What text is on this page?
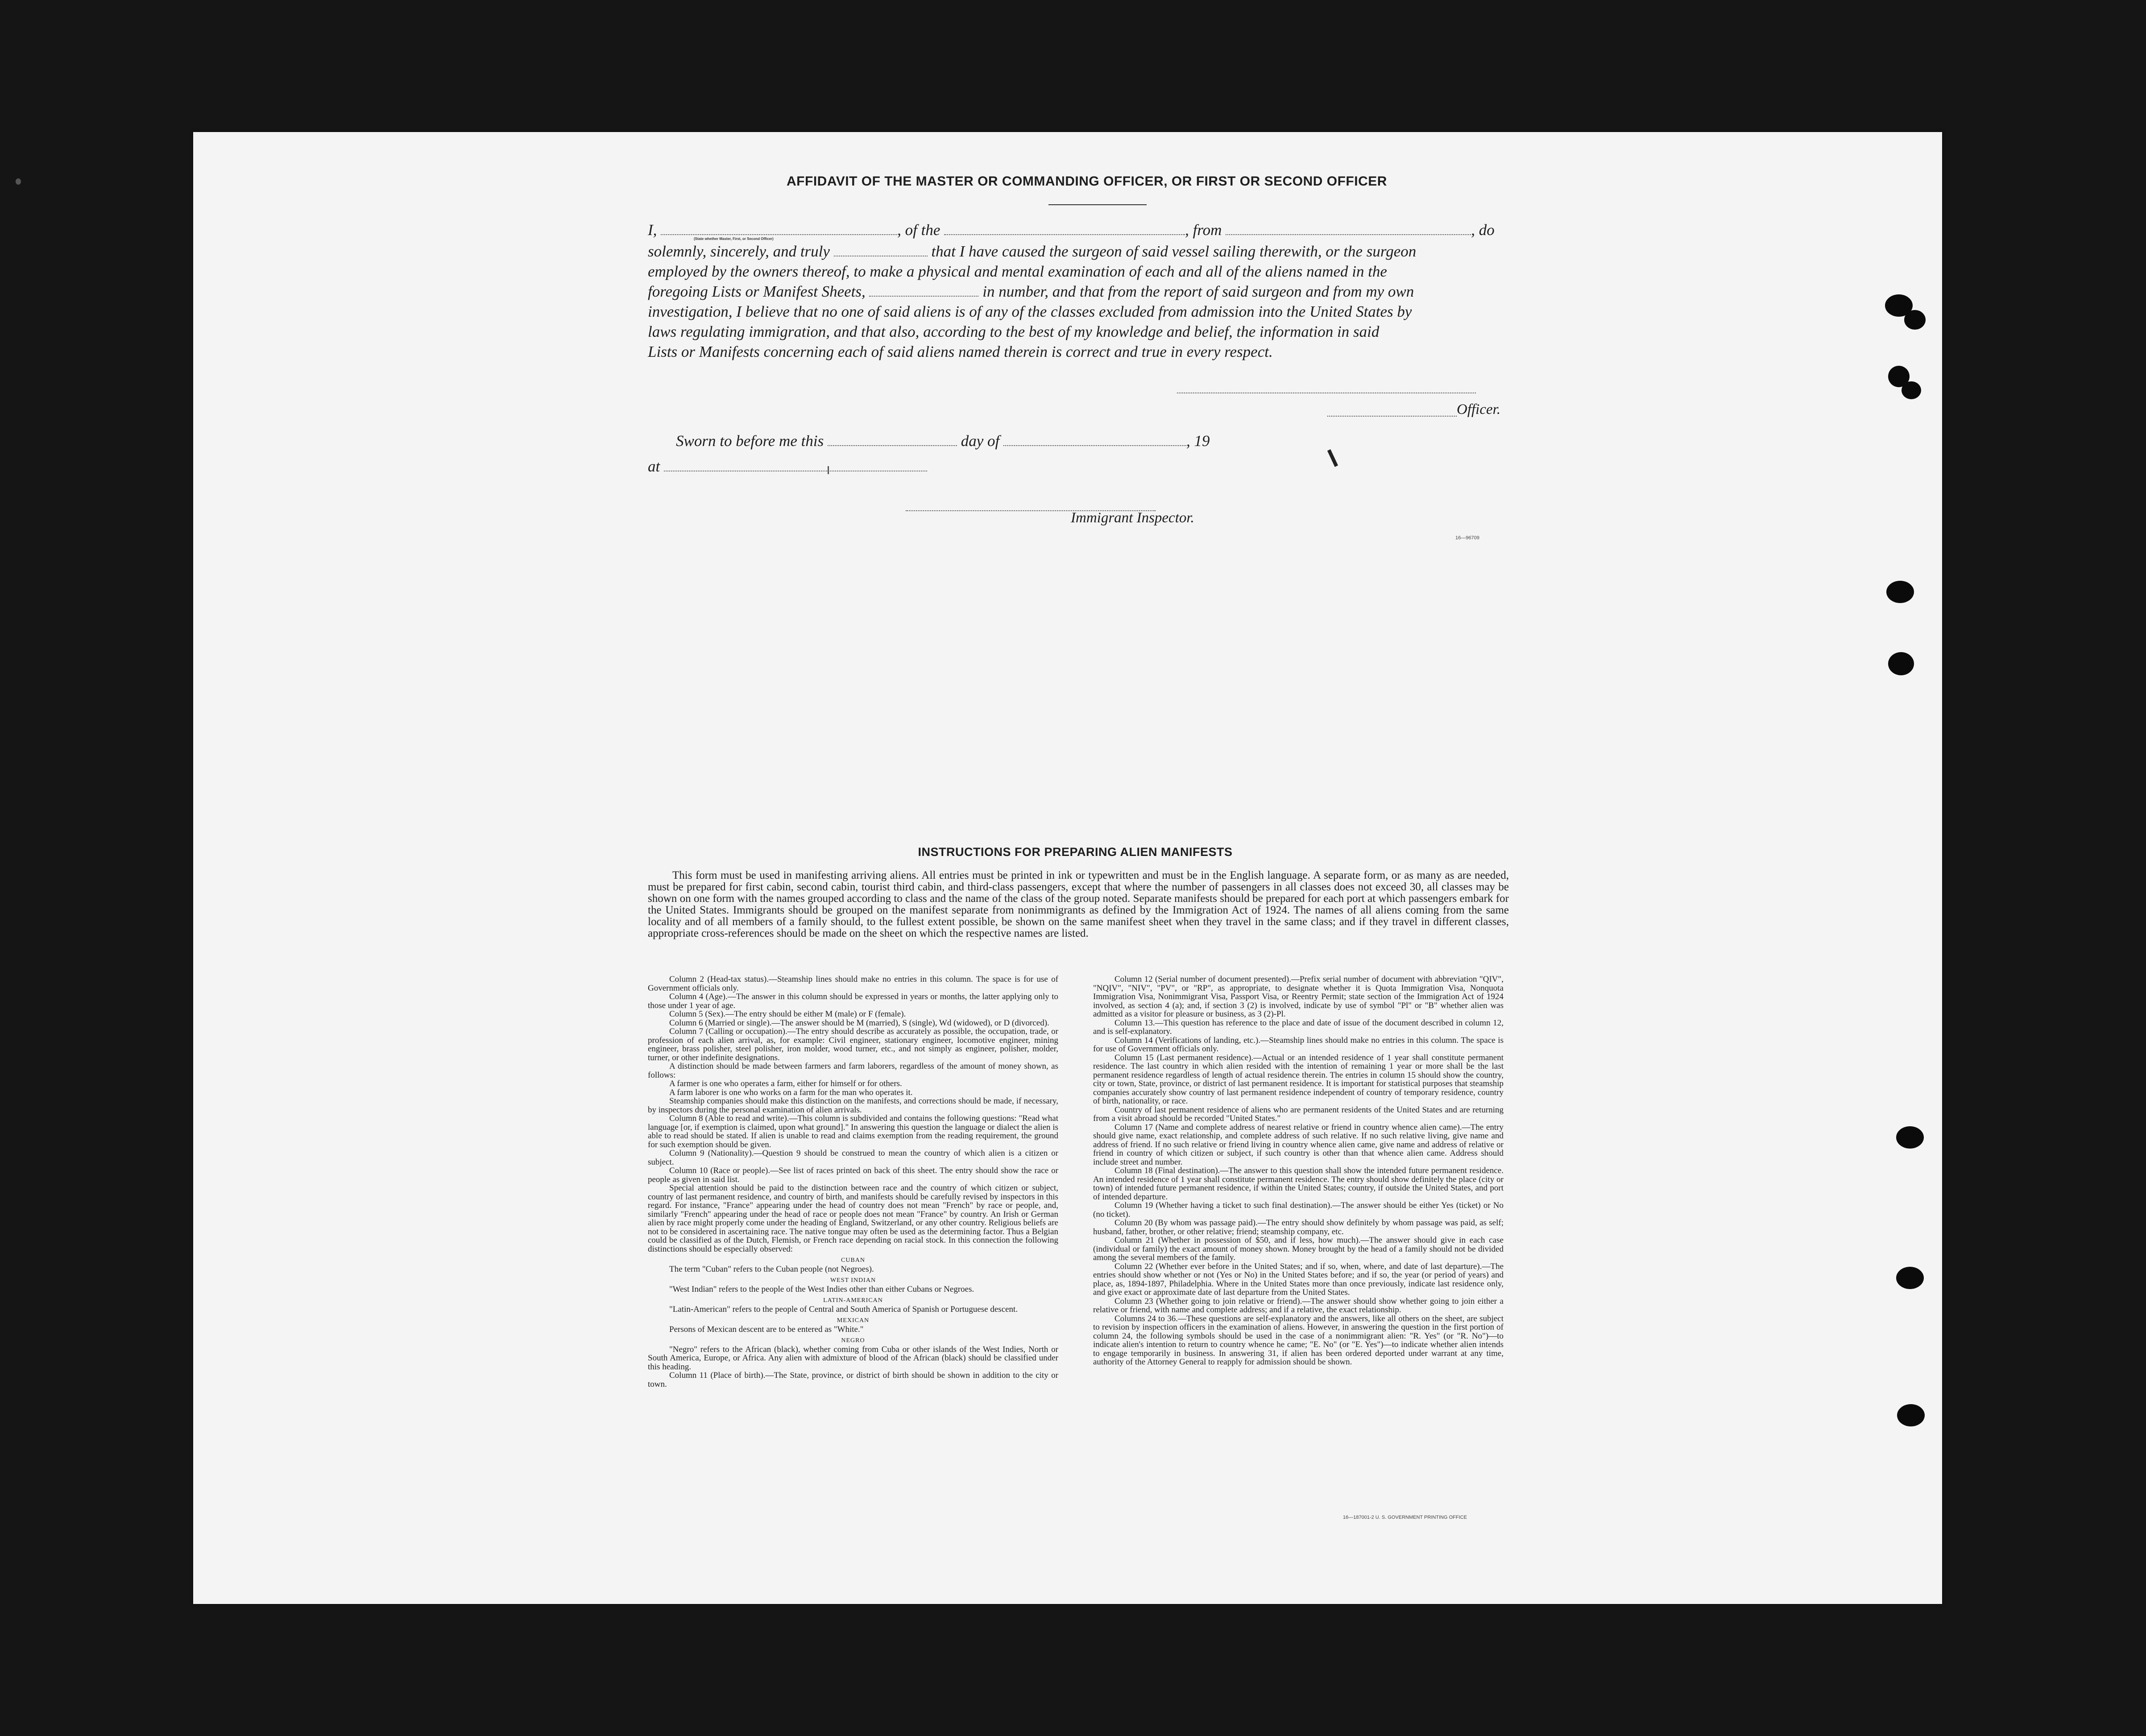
AFFIDAVIT OF THE MASTER OR COMMANDING OFFICER, OR FIRST OR SECOND OFFICER
I,	, of the	, from	, do
(State whether Master, First, or Second Officer)
solemnly, sincerely, and truly	that I have caused the surgeon of said vessel sailing therewith, or the surgeon
employed by the owners thereof, to make a physical and mental examination of each and all of the aliens named in the
foregoing Lists or Manifest Sheets,	in number, and that from the report of said surgeon and from my own
investigation, I believe that no one of said aliens is of any of the classes excluded from admission into the United States by
laws regulating immigration, and that also, according to the best of my knowledge and belief, the information in said
Lists or Manifests concerning each of said aliens named therein is correct and true in every respect.
Officer.
Sworn to before me this	day of	, 19
at
Immigrant Inspector.
16—96709
INSTRUCTIONS FOR PREPARING ALIEN MANIFESTS

This form must be used in manifesting arriving aliens. All entries must be printed in ink or typewritten and must be in the English language. A separate form, or as many as are needed, must be prepared for first cabin, second cabin, tourist third cabin, and third-class passengers, except that where the number of passengers in all classes does not exceed 30, all classes may be shown on one form with the names grouped according to class and the name of the class of the group noted. Separate manifests should be prepared for each port at which passengers embark for the United States. Immigrants should be grouped on the manifest separate from nonimmigrants as defined by the Immigration Act of 1924. The names of all aliens coming from the same locality and of all members of a family should, to the fullest extent possible, be shown on the same manifest sheet when they travel in the same class; and if they travel in different classes, appropriate cross-references should be made on the sheet on which the respective names are listed.

Column 2 (Head-tax status).—Steamship lines should make no entries in this column. The space is for use of Government officials only.

Column 4 (Age).—The answer in this column should be expressed in years or months, the latter applying only to those under 1 year of age.

Column 5 (Sex).—The entry should be either M (male) or F (female).

Column 6 (Married or single).—The answer should be M (married), S (single), Wd (widowed), or D (divorced).

Column 7 (Calling or occupation).—The entry should describe as accurately as possible, the occupation, trade, or profession of each alien arrival, as, for example: Civil engineer, stationary engineer, locomotive engineer, mining engineer, brass polisher, steel polisher, iron molder, wood turner, etc., and not simply as engineer, polisher, molder, turner, or other indefinite designations.

A distinction should be made between farmers and farm laborers, regardless of the amount of money shown, as follows:

A farmer is one who operates a farm, either for himself or for others.

A farm laborer is one who works on a farm for the man who operates it.

Steamship companies should make this distinction on the manifests, and corrections should be made, if necessary, by inspectors during the personal examination of alien arrivals.

Column 8 (Able to read and write).—This column is subdivided and contains the following questions: "Read what language [or, if exemption is claimed, upon what ground]." In answering this question the language or dialect the alien is able to read should be stated. If alien is unable to read and claims exemption from the reading requirement, the ground for such exemption should be given.

Column 9 (Nationality).—Question 9 should be construed to mean the country of which alien is a citizen or subject.

Column 10 (Race or people).—See list of races printed on back of this sheet. The entry should show the race or people as given in said list.

Special attention should be paid to the distinction between race and the country of which citizen or subject, country of last permanent residence, and country of birth, and manifests should be carefully revised by inspectors in this regard. For instance, "France" appearing under the head of country does not mean "French" by race or people, and, similarly "French" appearing under the head of race or people does not mean "France" by country. An Irish or German alien by race might properly come under the heading of England, Switzerland, or any other country. Religious beliefs are not to be considered in ascertaining race. The native tongue may often be used as the determining factor. Thus a Belgian could be classified as of the Dutch, Flemish, or French race depending on racial stock. In this connection the following distinctions should be especially observed:

CUBAN

The term "Cuban" refers to the Cuban people (not Negroes).

WEST INDIAN

"West Indian" refers to the people of the West Indies other than either Cubans or Negroes.

LATIN-AMERICAN

"Latin-American" refers to the people of Central and South America of Spanish or Portuguese descent.

MEXICAN

Persons of Mexican descent are to be entered as "White."

NEGRO

"Negro" refers to the African (black), whether coming from Cuba or other islands of the West Indies, North or South America, Europe, or Africa. Any alien with admixture of blood of the African (black) should be classified under this heading.

Column 11 (Place of birth).—The State, province, or district of birth should be shown in addition to the city or town.

Column 12 (Serial number of document presented).—Prefix serial number of document with abbreviation "QIV", "NQIV", "NIV", "PV", or "RP", as appropriate, to designate whether it is Quota Immigration Visa, Nonquota Immigration Visa, Nonimmigrant Visa, Passport Visa, or Reentry Permit; state section of the Immigration Act of 1924 involved, as section 4 (a); and, if section 3 (2) is involved, indicate by use of symbol "Pl" or "B" whether alien was admitted as a visitor for pleasure or business, as 3 (2)-Pl.

Column 13.—This question has reference to the place and date of issue of the document described in column 12, and is self-explanatory.

Column 14 (Verifications of landing, etc.).—Steamship lines should make no entries in this column. The space is for use of Government officials only.

Column 15 (Last permanent residence).—Actual or an intended residence of 1 year shall constitute permanent residence. The last country in which alien resided with the intention of remaining 1 year or more shall be the last permanent residence regardless of length of actual residence therein. The entries in column 15 should show the country, city or town, State, province, or district of last permanent residence. It is important for statistical purposes that steamship companies accurately show country of last permanent residence independent of country of temporary residence, country of birth, nationality, or race.

Country of last permanent residence of aliens who are permanent residents of the United States and are returning from a visit abroad should be recorded "United States."

Column 17 (Name and complete address of nearest relative or friend in country whence alien came).—The entry should give name, exact relationship, and complete address of such relative. If no such relative living, give name and address of friend. If no such relative or friend living in country whence alien came, give name and address of relative or friend in country of which citizen or subject, if such country is other than that whence alien came. Address should include street and number.

Column 18 (Final destination).—The answer to this question shall show the intended future permanent residence. An intended residence of 1 year shall constitute permanent residence. The entry should show definitely the place (city or town) of intended future permanent residence, if within the United States; country, if outside the United States, and port of intended departure.

Column 19 (Whether having a ticket to such final destination).—The answer should be either Yes (ticket) or No (no ticket).

Column 20 (By whom was passage paid).—The entry should show definitely by whom passage was paid, as self; husband, father, brother, or other relative; friend; steamship company, etc.

Column 21 (Whether in possession of $50, and if less, how much).—The answer should give in each case (individual or family) the exact amount of money shown. Money brought by the head of a family should not be divided among the several members of the family.

Column 22 (Whether ever before in the United States; and if so, when, where, and date of last departure).—The entries should show whether or not (Yes or No) in the United States before; and if so, the year (or period of years) and place, as, 1894-1897, Philadelphia. Where in the United States more than once previously, indicate last residence only, and give exact or approximate date of last departure from the United States.

Column 23 (Whether going to join relative or friend).—The answer should show whether going to join either a relative or friend, with name and complete address; and if a relative, the exact relationship.

Columns 24 to 36.—These questions are self-explanatory and the answers, like all others on the sheet, are subject to revision by inspection officers in the examination of aliens. However, in answering the question in the first portion of column 24, the following symbols should be used in the case of a nonimmigrant alien: "R. Yes" (or "R. No")—to indicate alien's intention to return to country whence he came; "E. No" (or "E. Yes")—to indicate whether alien intends to engage temporarily in business. In answering 31, if alien has been ordered deported under warrant at any time, authority of the Attorney General to reapply for admission should be shown.

16—187001-2 U. S. GOVERNMENT PRINTING OFFICE
